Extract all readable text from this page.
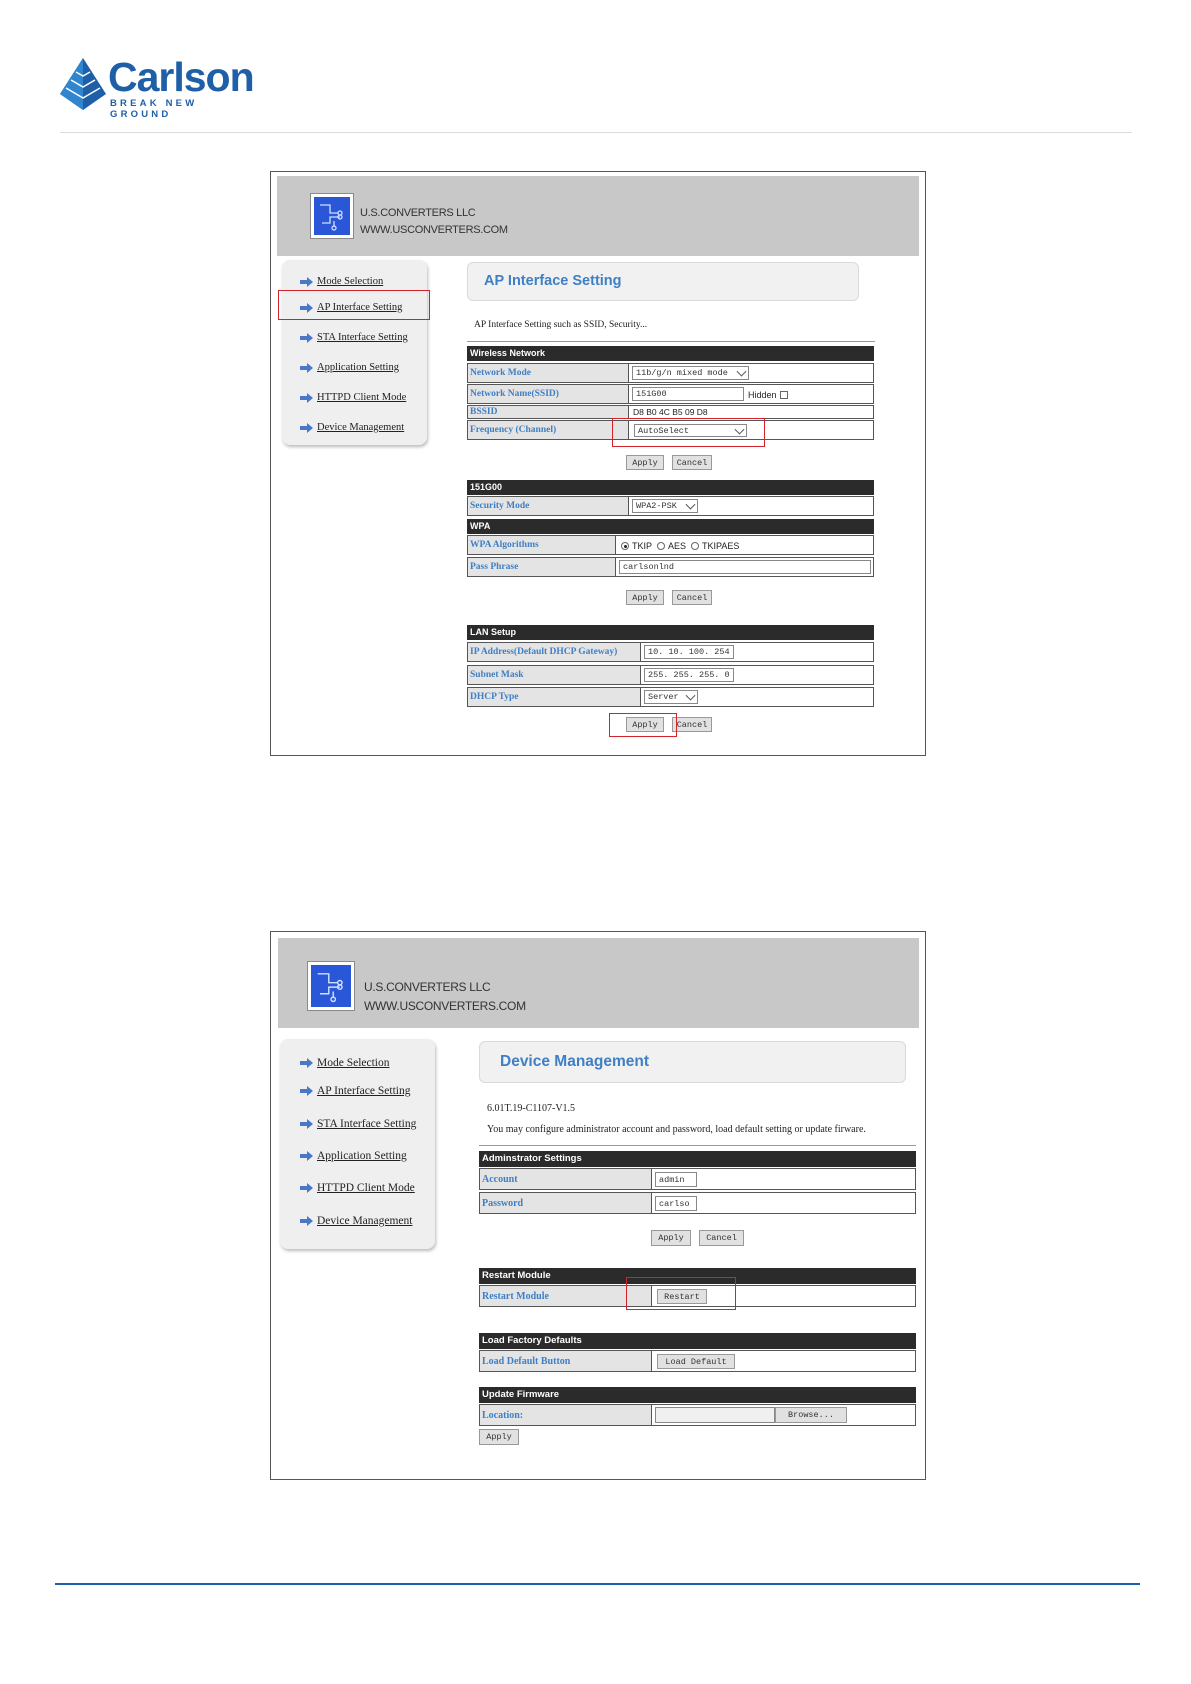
Carlson
BREAK NEW GROUND
U.S.CONVERTERS LLC
WWW.USCONVERTERS.COM
Mode Selection
AP Interface Setting
STA Interface Setting
Application Setting
HTTPD Client Mode
Device Management
AP Interface Setting
AP Interface Setting such as SSID, Security...
Wireless Network
Network Mode	11b/g/n mixed mode
Network Name(SSID)	151G00	Hidden
BSSID	D8 B0 4C B5 09 D8
Frequency (Channel)	AutoSelect
Apply	Cancel
151G00
Security Mode	WPA2-PSK
WPA
WPA Algorithms	TKIP AES TKIPAES
Pass Phrase	carlsonlnd
Apply	Cancel
LAN Setup
IP Address(Default DHCP Gateway)	10. 10. 100. 254
Subnet Mask	255. 255. 255. 0
DHCP Type	Server
Apply	Cancel
U.S.CONVERTERS LLC
WWW.USCONVERTERS.COM
Mode Selection
AP Interface Setting
STA Interface Setting
Application Setting
HTTPD Client Mode
Device Management
Device Management
6.01T.19-C1107-V1.5
You may configure administrator account and password, load default setting or update firware.
Adminstrator Settings
Account	admin
Password	carlso
Apply	Cancel
Restart Module
Restart Module	Restart
Load Factory Defaults
Load Default Button	Load Default
Update Firmware
Location:	Browse...
Apply
